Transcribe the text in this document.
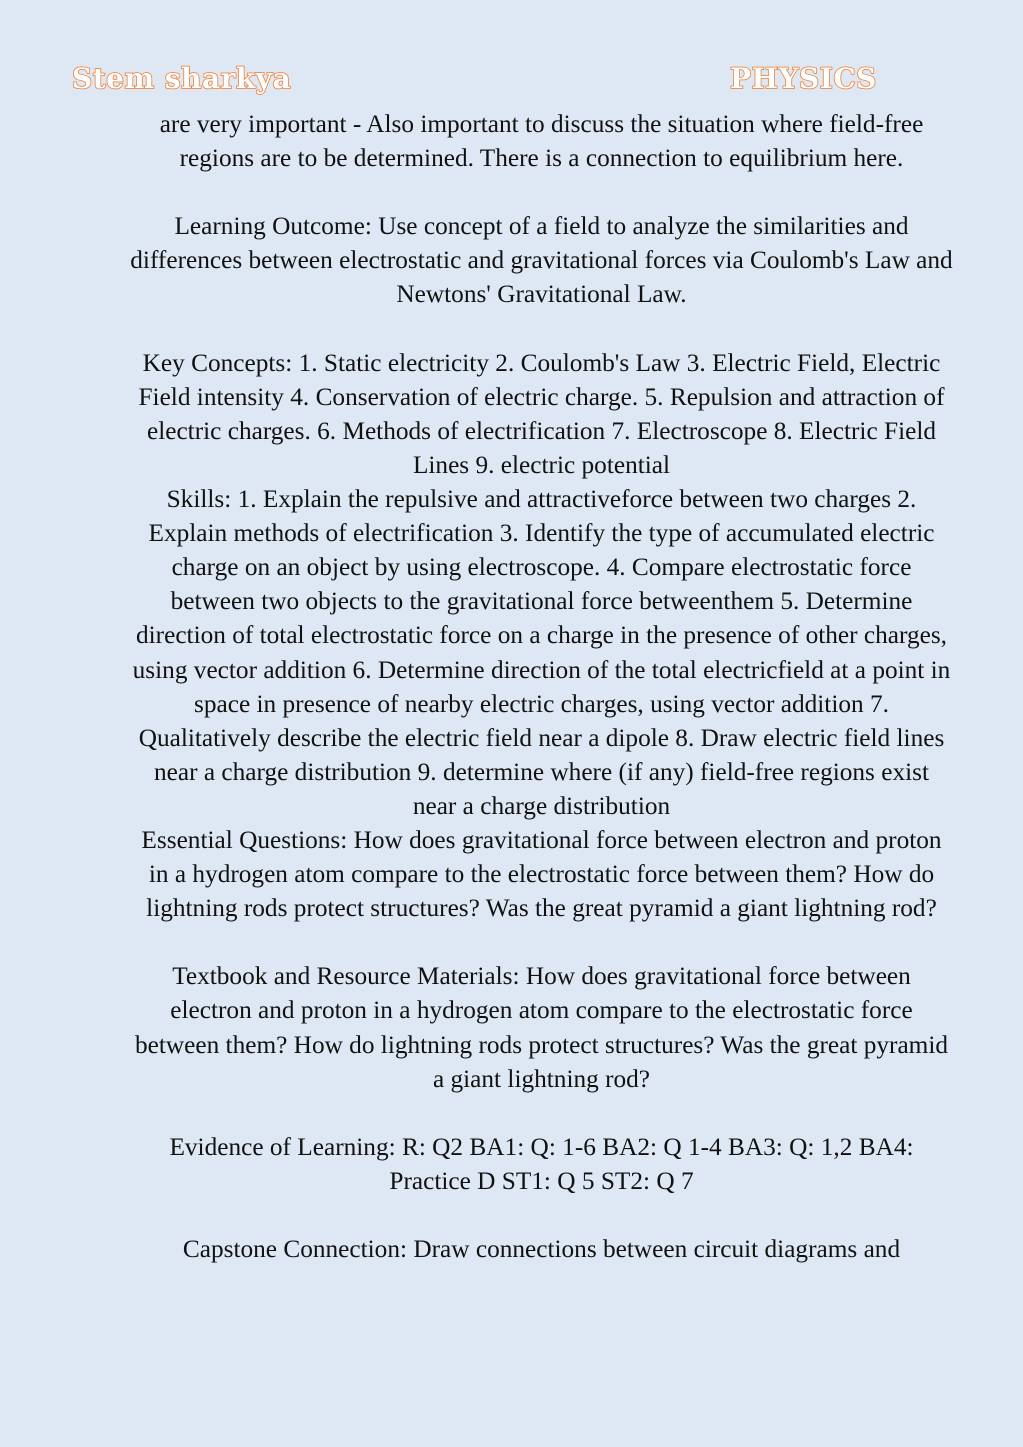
Stem sharkya	PHYSICS

are very important - Also important to discuss the situation where field-free regions are to be determined. There is a connection to equilibrium here.

Learning Outcome: Use concept of a field to analyze the similarities and differences between electrostatic and gravitational forces via Coulomb's Law and Newtons' Gravitational Law.

Key Concepts: 1. Static electricity 2. Coulomb's Law 3. Electric Field, Electric Field intensity 4. Conservation of electric charge. 5. Repulsion and attraction of electric charges. 6. Methods of electrification 7. Electroscope 8. Electric Field Lines 9. electric potential

Skills: 1. Explain the repulsive and attractiveforce between two charges 2. Explain methods of electrification 3. Identify the type of accumulated electric charge on an object by using electroscope. 4. Compare electrostatic force between two objects to the gravitational force betweenthem 5. Determine direction of total electrostatic force on a charge in the presence of other charges, using vector addition 6. Determine direction of the total electricfield at a point in space in presence of nearby electric charges, using vector addition 7. Qualitatively describe the electric field near a dipole 8. Draw electric field lines near a charge distribution 9. determine where (if any) field-free regions exist near a charge distribution

Essential Questions: How does gravitational force between electron and proton in a hydrogen atom compare to the electrostatic force between them? How do lightning rods protect structures? Was the great pyramid a giant lightning rod?

Textbook and Resource Materials: How does gravitational force between electron and proton in a hydrogen atom compare to the electrostatic force between them? How do lightning rods protect structures? Was the great pyramid a giant lightning rod?

Evidence of Learning: R: Q2 BA1: Q: 1-6 BA2: Q 1-4 BA3: Q: 1,2 BA4: Practice D ST1: Q 5 ST2: Q 7

Capstone Connection: Draw connections between circuit diagrams and
